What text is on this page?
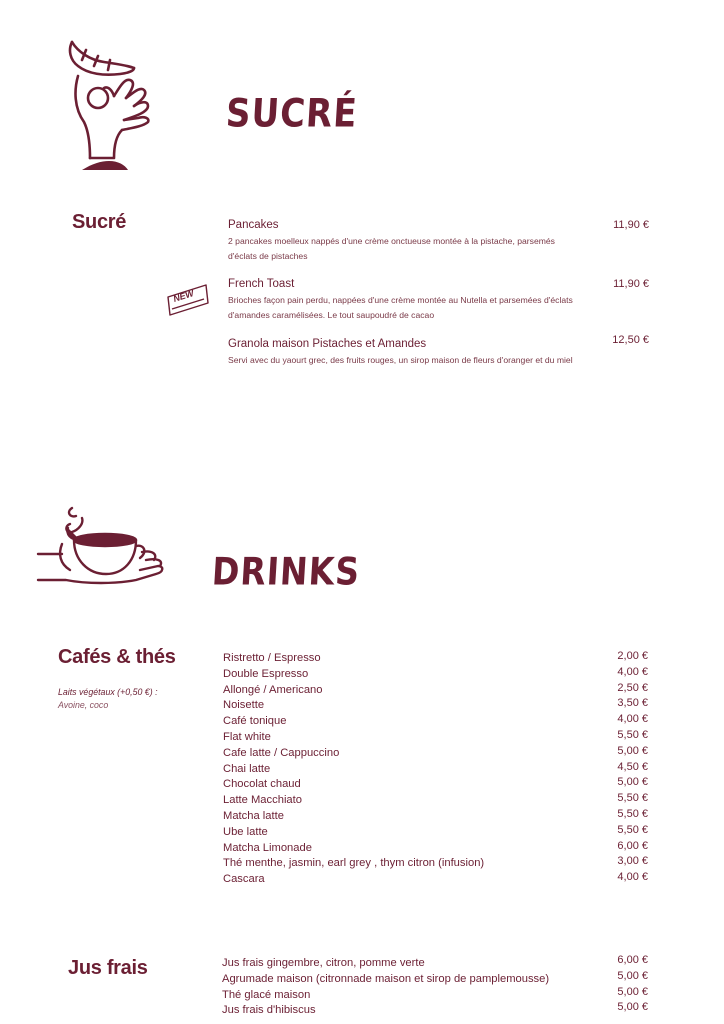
SUCRÉ
Sucré	Pancakes
2 pancakes moelleux nappés d'une crème onctueuse montée à la pistache, parsemés
d'éclats de pistaches
11,90 €
NEW
French Toast
Brioches façon pain perdu, nappées d'une crème montée au Nutella et parsemées d'éclats
d'amandes caramélisées. Le tout saupoudré de cacao
11,90 €
Granola maison Pistaches et Amandes
Servi avec du yaourt grec, des fruits rouges, un sirop maison de fleurs d'oranger et du miel
12,50 €
DRINKS
Cafés & thés
Laits végétaux (+0,50 €) :
Avoine, coco
Ristretto / Espresso	2,00 €
Double Espresso	4,00 €
Allongé / Americano	2,50 €
Noisette	3,50 €
Café tonique	4,00 €
Flat white	5,50 €
Cafe latte / Cappuccino	5,00 €
Chai latte	4,50 €
Chocolat chaud	5,00 €
Latte Macchiato	5,50 €
Matcha latte	5,50 €
Ube latte	5,50 €
Matcha Limonade	6,00 €
Thé menthe, jasmin, earl grey , thym citron (infusion)	3,00 €
Cascara	4,00 €
Jus frais	Jus frais gingembre, citron, pomme verte	6,00 €
Agrumade maison (citronnade maison et sirop de pamplemousse)	5,00 €
Thé glacé maison	5,00 €
Jus frais d'hibiscus	5,00 €
